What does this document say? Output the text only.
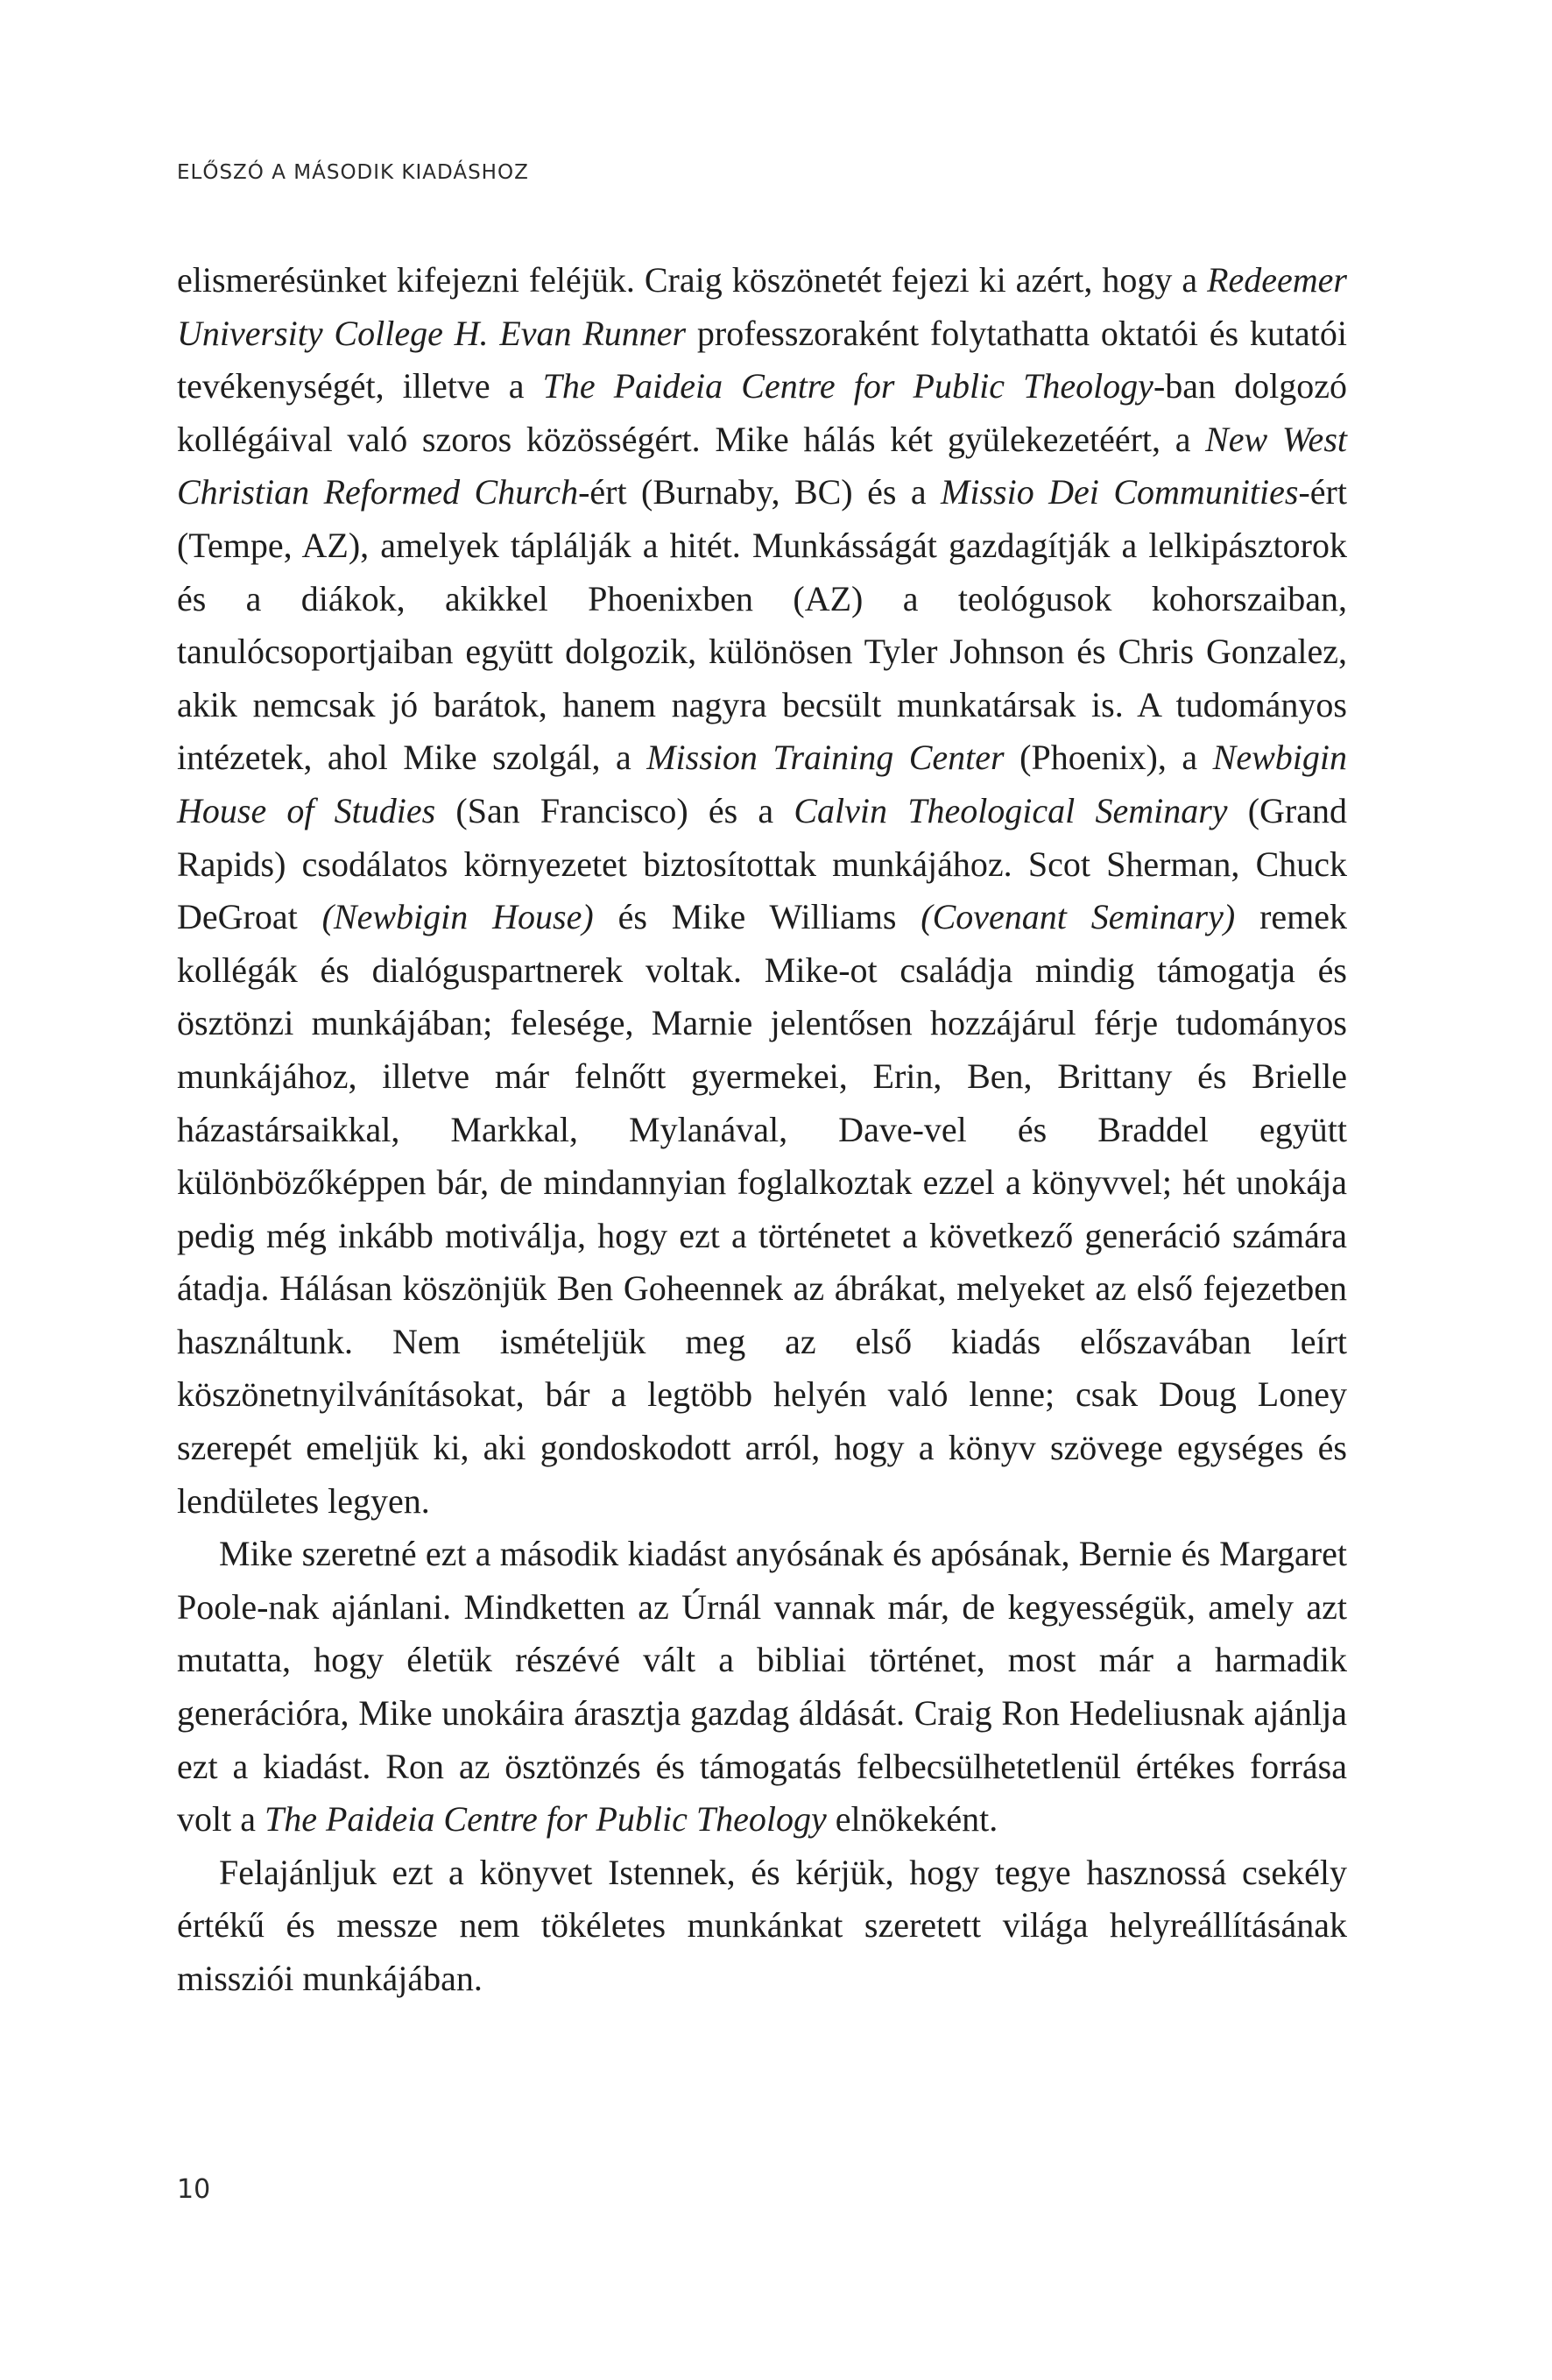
ELŐSZÓ A MÁSODIK KIADÁSHOZ

elismerésünket kifejezni feléjük. Craig köszönetét fejezi ki azért, hogy a Redeemer University College H. Evan Runner professzoraként folytathatta oktatói és kutatói tevékenységét, illetve a The Paideia Centre for Public Theology-ban dolgozó kollégáival való szoros közösségért. Mike hálás két gyülekezetéért, a New West Christian Reformed Church-ért (Burnaby, BC) és a Missio Dei Communities-ért (Tempe, AZ), amelyek táplálják a hitét. Munkásságát gazdagítják a lelkipásztorok és a diákok, akikkel Phoenixben (AZ) a teológusok kohorszaiban, tanulócsoportjaiban együtt dolgozik, különösen Tyler Johnson és Chris Gonzalez, akik nemcsak jó barátok, hanem nagyra becsült munkatársak is. A tudományos intézetek, ahol Mike szolgál, a Mission Training Center (Phoenix), a Newbigin House of Studies (San Francisco) és a Calvin Theological Seminary (Grand Rapids) csodálatos környezetet biztosítottak munkájához. Scot Sherman, Chuck DeGroat (Newbigin House) és Mike Williams (Covenant Seminary) remek kollégák és dialóguspartnerek voltak. Mike-ot családja mindig támogatja és ösztönzi munkájában; felesége, Marnie jelentősen hozzájárul férje tudományos munkájához, illetve már felnőtt gyermekei, Erin, Ben, Brittany és Brielle házastársaikkal, Markkal, Mylanával, Dave-vel és Braddel együtt különbözőképpen bár, de mindannyian foglalkoztak ezzel a könyvvel; hét unokája pedig még inkább motiválja, hogy ezt a történetet a következő generáció számára átadja. Hálásan köszönjük Ben Goheennek az ábrákat, melyeket az első fejezetben használtunk. Nem ismételjük meg az első kiadás előszavában leírt köszönetnyilvánításokat, bár a legtöbb helyén való lenne; csak Doug Loney szerepét emeljük ki, aki gondoskodott arról, hogy a könyv szövege egységes és lendületes legyen.

Mike szeretné ezt a második kiadást anyósának és apósának, Bernie és Margaret Poole-nak ajánlani. Mindketten az Úrnál vannak már, de kegyességük, amely azt mutatta, hogy életük részévé vált a bibliai történet, most már a harmadik generációra, Mike unokáira árasztja gazdag áldását. Craig Ron Hedeliusnak ajánlja ezt a kiadást. Ron az ösztönzés és támogatás felbecsülhetetlenül értékes forrása volt a The Paideia Centre for Public Theology elnökeként.

Felajánljuk ezt a könyvet Istennek, és kérjük, hogy tegye hasznossá csekély értékű és messze nem tökéletes munkánkat szeretett világa helyreállításának missziói munkájában.

10
